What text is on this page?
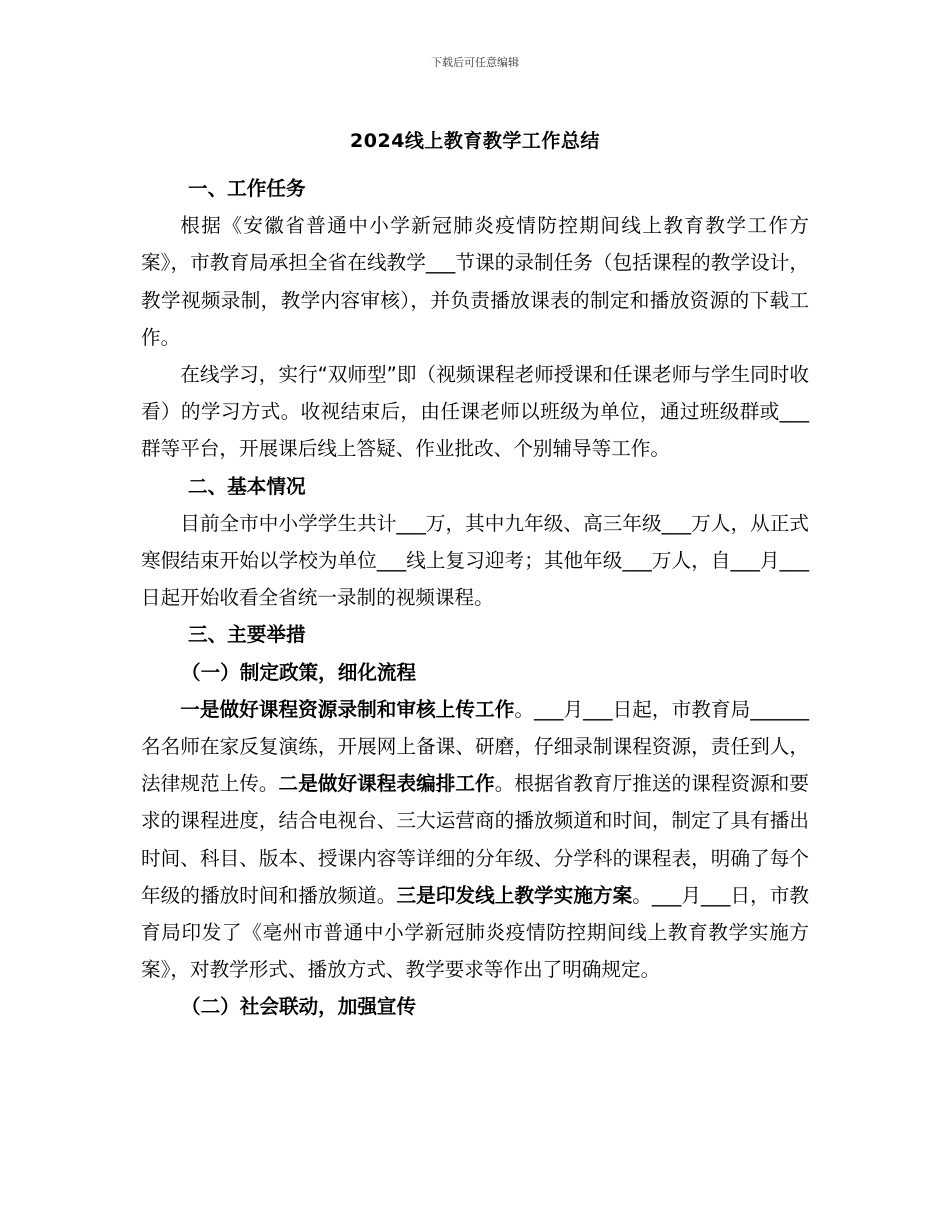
下载后可任意编辑
2024线上教育教学工作总结

一、工作任务

根据《安徽省普通中小学新冠肺炎疫情防控期间线上教育教学工作方案》，市教育局承担全省在线教学___节课的录制任务（包括课程的教学设计，教学视频录制，教学内容审核），并负责播放课表的制定和播放资源的下载工作。

在线学习，实行“双师型”即（视频课程老师授课和任课老师与学生同时收看）的学习方式。收视结束后，由任课老师以班级为单位，通过班级群或___群等平台，开展课后线上答疑、作业批改、个别辅导等工作。

二、基本情况

目前全市中小学学生共计___万，其中九年级、高三年级___万人，从正式寒假结束开始以学校为单位___线上复习迎考；其他年级___万人，自___月___日起开始收看全省统一录制的视频课程。

三、主要举措

（一）制定政策，细化流程

一是做好课程资源录制和审核上传工作。___月___日起，市教育局______名名师在家反复演练，开展网上备课、研磨，仔细录制课程资源，责任到人，法律规范上传。二是做好课程表编排工作。根据省教育厅推送的课程资源和要求的课程进度，结合电视台、三大运营商的播放频道和时间，制定了具有播出时间、科目、版本、授课内容等详细的分年级、分学科的课程表，明确了每个年级的播放时间和播放频道。三是印发线上教学实施方案。___月___日，市教育局印发了《亳州市普通中小学新冠肺炎疫情防控期间线上教育教学实施方案》，对教学形式、播放方式、教学要求等作出了明确规定。

（二）社会联动，加强宣传
